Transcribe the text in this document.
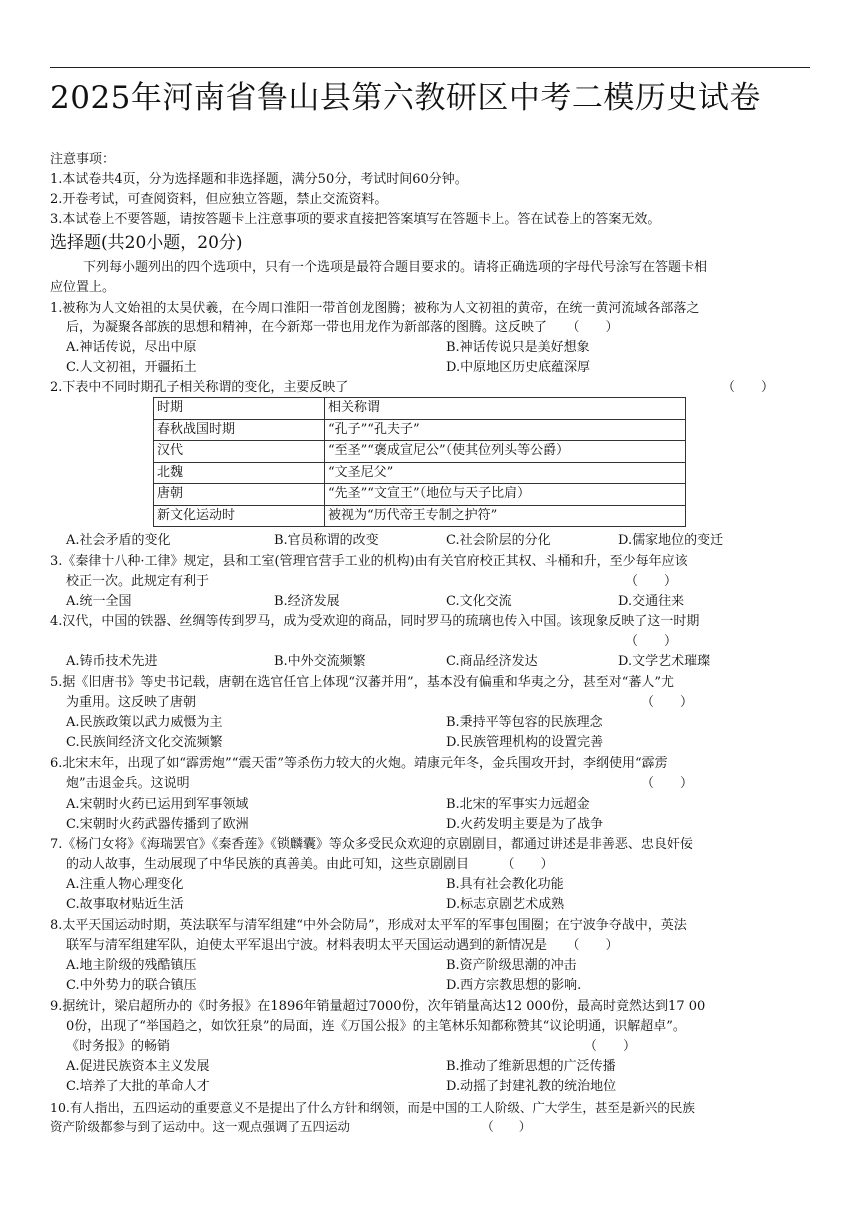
2025年河南省鲁山县第六教研区中考二模历史试卷
注意事项：
1.本试卷共4页，分为选择题和非选择题，满分50分，考试时间60分钟。
2.开卷考试，可查阅资料，但应独立答题，禁止交流资料。
3.本试卷上不要答题，请按答题卡上注意事项的要求直接把答案填写在答题卡上。答在试卷上的答案无效。
选择题(共20小题，20分)
下列每小题列出的四个选项中，只有一个选项是最符合题目要求的。请将正确选项的字母代号涂写在答题卡相
应位置上。
1.被称为人文始祖的太昊伏羲，在今周口淮阳一带首创龙图腾；被称为人文初祖的黄帝，在统一黄河流域各部落之
后，为凝聚各部族的思想和精神，在今新郑一带也用龙作为新部落的图腾。这反映了　　（　　）
A.神话传说，尽出中原	B.神话传说只是美好想象
C.人文初祖，开疆拓土	D.中原地区历史底蕴深厚
2.下表中不同时期孔子相关称谓的变化，主要反映了	（　　）
时期	相关称谓
春秋战国时期	“孔子”“孔夫子”
汉代	“至圣”“褒成宣尼公”（使其位列头等公爵）
北魏	“文圣尼父”
唐朝	“先圣”“文宣王”（地位与天子比肩）
新文化运动时	被视为“历代帝王专制之护符”
A.社会矛盾的变化	B.官员称谓的改变	C.社会阶层的分化	D.儒家地位的变迁
3.《秦律十八种·工律》规定，县和工室(管理官营手工业的机构)由有关官府校正其权、斗桶和升，至少每年应该
校正一次。此规定有利于	（　　）
A.统一全国	B.经济发展	C.文化交流	D.交通往来
4.汉代，中国的铁器、丝绸等传到罗马，成为受欢迎的商品，同时罗马的琉璃也传入中国。该现象反映了这一时期
（　　）
A.铸币技术先进	B.中外交流频繁	C.商品经济发达	D.文学艺术璀璨
5.据《旧唐书》等史书记载，唐朝在选官任官上体现“汉蕃并用”，基本没有偏重和华夷之分，甚至对“蕃人”尤
为重用。这反映了唐朝	（　　）
A.民族政策以武力威慑为主	B.秉持平等包容的民族理念
C.民族间经济文化交流频繁	D.民族管理机构的设置完善
6.北宋末年，出现了如“霹雳炮”“震天雷”等杀伤力较大的火炮。靖康元年冬，金兵围攻开封，李纲使用“霹雳
炮”击退金兵。这说明	（　　）
A.宋朝时火药已运用到军事领域	B.北宋的军事实力远超金
C.宋朝时火药武器传播到了欧洲	D.火药发明主要是为了战争
7.《杨门女将》《海瑞罢官》《秦香莲》《锁麟囊》等众多受民众欢迎的京剧剧目，都通过讲述是非善恶、忠良奸佞
的动人故事，生动展现了中华民族的真善美。由此可知，这些京剧剧目　　　（　　）
A.注重人物心理变化	B.具有社会教化功能
C.故事取材贴近生活	D.标志京剧艺术成熟
8.太平天国运动时期，英法联军与清军组建“中外会防局”，形成对太平军的军事包围圈；在宁波争夺战中，英法
联军与清军组建军队，迫使太平军退出宁波。材料表明太平天国运动遇到的新情况是　　（　　）
A.地主阶级的残酷镇压	B.资产阶级思潮的冲击
C.中外势力的联合镇压	D.西方宗教思想的影响.
9.据统计，梁启超所办的《时务报》在1896年销量超过7000份，次年销量高达12 000份，最高时竟然达到17 00
0份，出现了“举国趋之，如饮狂泉”的局面，连《万国公报》的主笔林乐知都称赞其“议论明通，识解超卓”。
《时务报》的畅销	（　　）
A.促进民族资本主义发展	B.推动了维新思想的广泛传播
C.培养了大批的革命人才	D.动摇了封建礼教的统治地位
10.有人指出，五四运动的重要意义不是提出了什么方针和纲领，而是中国的工人阶级、广大学生，甚至是新兴的民族
资产阶级都参与到了运动中。这一观点强调了五四运动　　　　　　　　　　　（　　）
